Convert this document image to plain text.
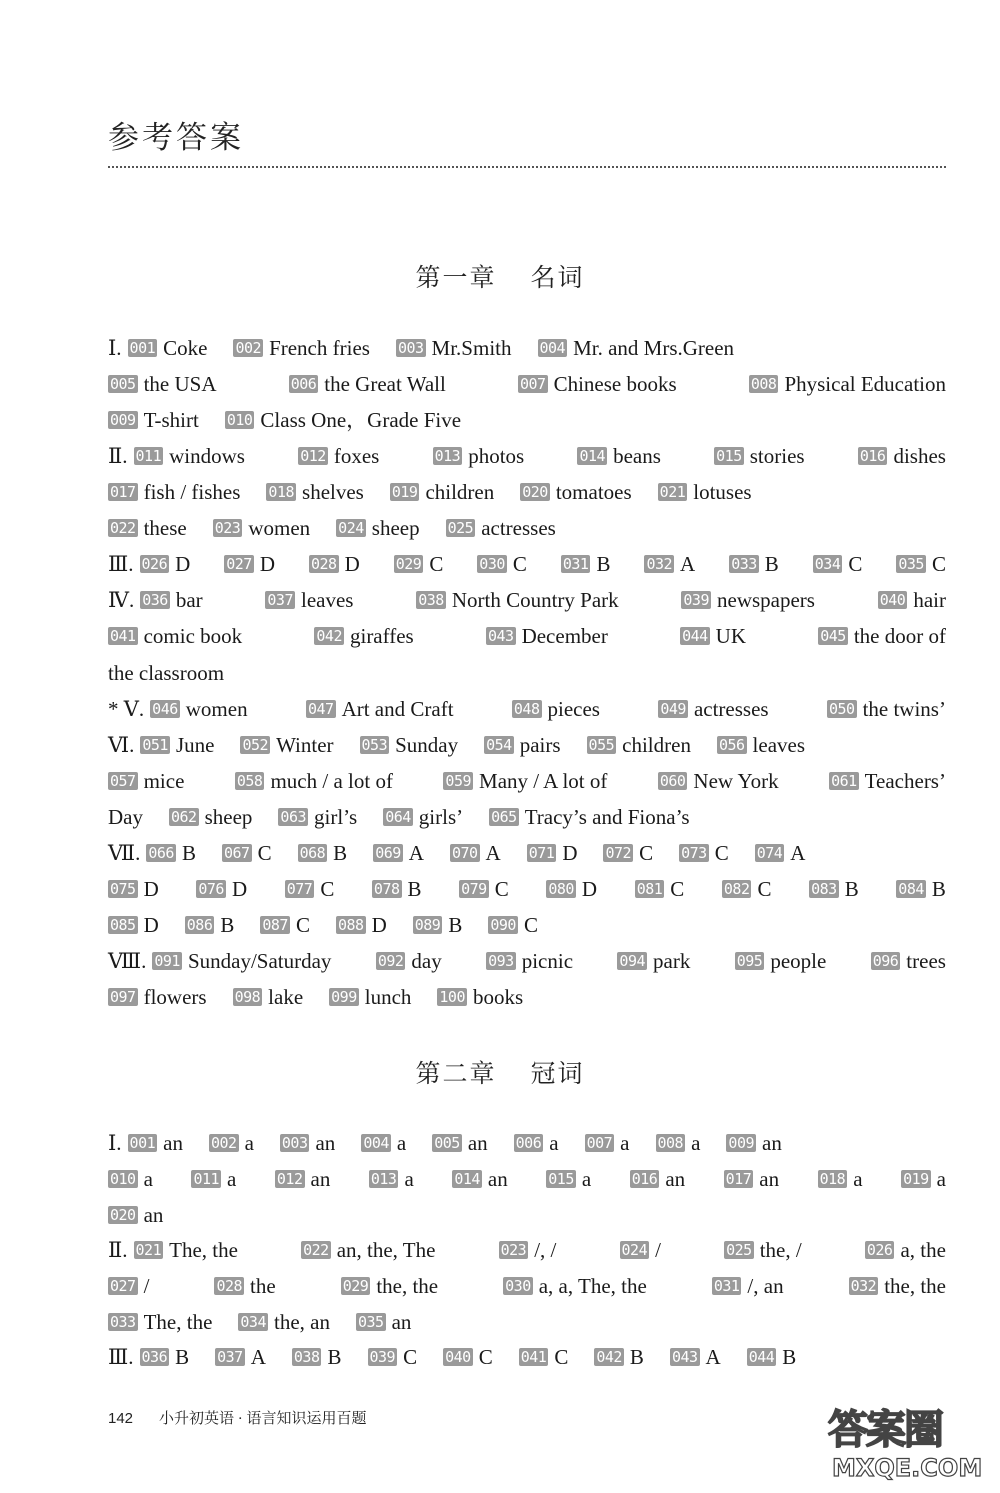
参考答案
第一章 名词
第二章 冠词
Ⅰ. 001 Coke 002 French fries 003 Mr.Smith 004 Mr. and Mrs.Green
005 the USA	006 the Great Wall	007 Chinese books	008 Physical Education
009 T-shirt 010 Class One，Grade Five
Ⅱ. 011 windows	012 foxes	013 photos	014 beans	015 stories	016 dishes
017 fish / fishes 018 shelves 019 children 020 tomatoes 021 lotuses
022 these 023 women 024 sheep 025 actresses
Ⅲ. 026 D 027 D 028 D 029 C 030 C 031 B 032 A 033 B 034 C 035 C
Ⅳ. 036 bar	037 leaves	038 North Country Park	039 newspapers	040 hair
041 comic book	042 giraffes	043 December	044 UK	045 the door of
the classroom
* Ⅴ. 046 women	047 Art and Craft	048 pieces	049 actresses	050 the twins’
Ⅵ. 051 June 052 Winter 053 Sunday 054 pairs 055 children 056 leaves
057 mice	058 much / a lot of	059 Many / A lot of	060 New York	061 Teachers’
Day 062 sheep 063 girl’s 064 girls’ 065 Tracy’s and Fiona’s
Ⅶ. 066 B 067 C 068 B 069 A 070 A 071 D 072 C 073 C 074 A
075 D	076 D	077 C	078 B	079 C	080 D	081 C	082 C	083 B	084 B
085 D 086 B 087 C 088 D 089 B 090 C
Ⅷ. 091 Sunday/Saturday	092 day	093 picnic	094 park	095 people	096 trees
097 flowers 098 lake 099 lunch 100 books
Ⅰ. 001 an 002 a 003 an 004 a 005 an 006 a 007 a 008 a 009 an
010 a	011 a	012 an	013 a	014 an	015 a	016 an	017 an	018 a	019 a
020 an
Ⅱ. 021 The, the	022 an, the, The	023 /, /	024 /	025 the, /	026 a, the
027 /	028 the	029 the, the	030 a, a, The, the	031 /, an	032 the, the
033 The, the 034 the, an 035 an
Ⅲ. 036 B 037 A 038 B 039 C 040 C 041 C 042 B 043 A 044 B
142 小升初英语 · 语言知识运用百题	答案圈
MXQE.COM
